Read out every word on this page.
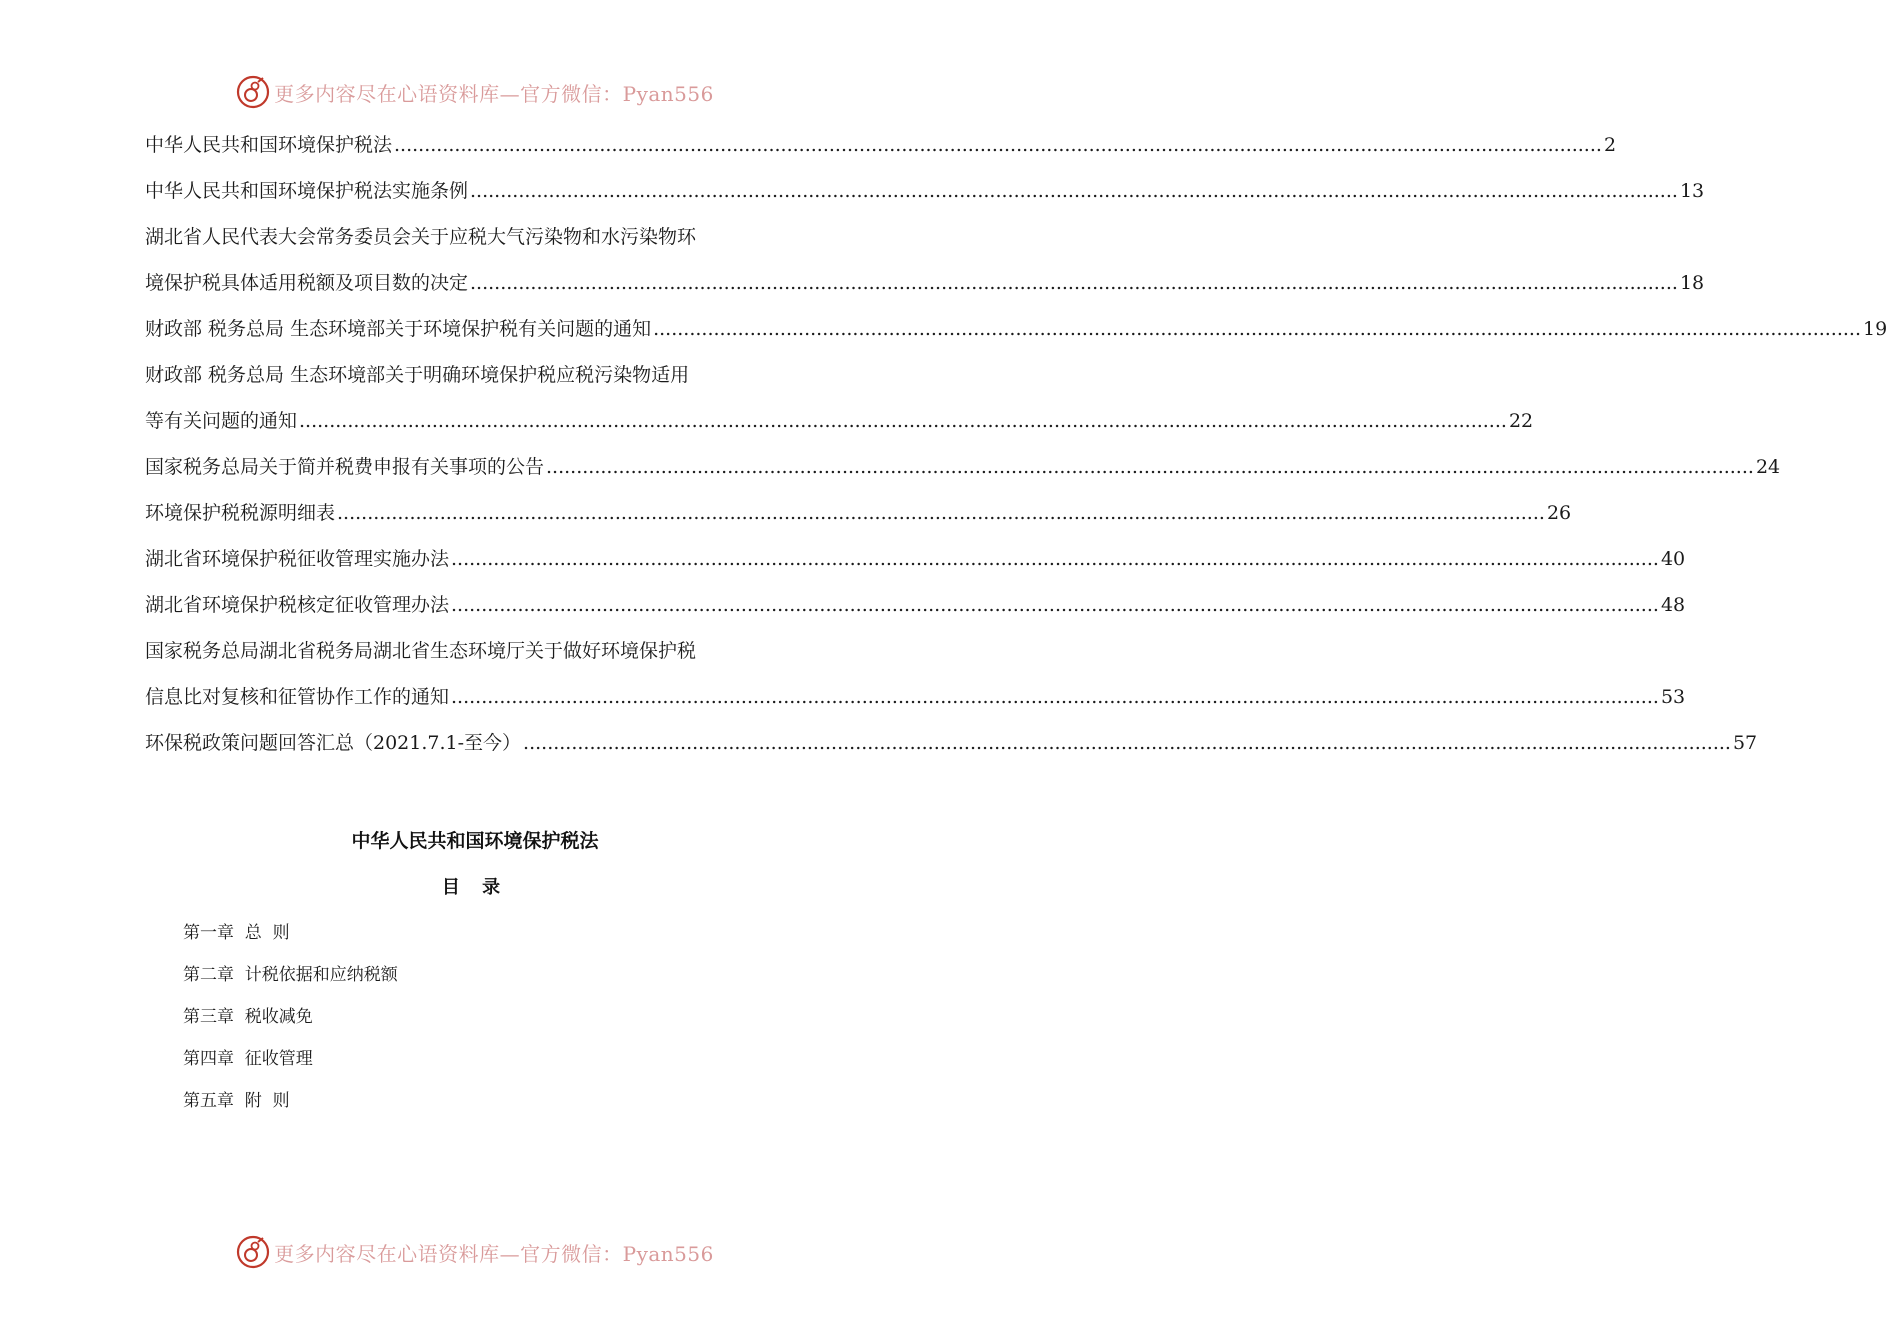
更多内容尽在心语资料库—官方微信：Pyan556
中华人民共和国环境保护税法 ........................................................................................................................................................................................................ 2
中华人民共和国环境保护税法实施条例 ........................................................................................................................................................................................................ 13
湖北省人民代表大会常务委员会关于应税大气污染物和水污染物环
境保护税具体适用税额及项目数的决定 ........................................................................................................................................................................................................ 18
财政部 税务总局 生态环境部关于环境保护税有关问题的通知 ........................................................................................................................................................................................................ 19
财政部 税务总局 生态环境部关于明确环境保护税应税污染物适用
等有关问题的通知 ........................................................................................................................................................................................................ 22
国家税务总局关于简并税费申报有关事项的公告 ........................................................................................................................................................................................................ 24
环境保护税税源明细表 ........................................................................................................................................................................................................ 26
湖北省环境保护税征收管理实施办法 ........................................................................................................................................................................................................ 40
湖北省环境保护税核定征收管理办法 ........................................................................................................................................................................................................ 48
国家税务总局湖北省税务局湖北省生态环境厅关于做好环境保护税
信息比对复核和征管协作工作的通知 ........................................................................................................................................................................................................ 53
环保税政策问题回答汇总（2021.7.1-至今） ........................................................................................................................................................................................................ 57
中华人民共和国环境保护税法
目 录
第一章  总  则
第二章  计税依据和应纳税额
第三章  税收减免
第四章  征收管理
第五章  附  则
更多内容尽在心语资料库—官方微信：Pyan556
